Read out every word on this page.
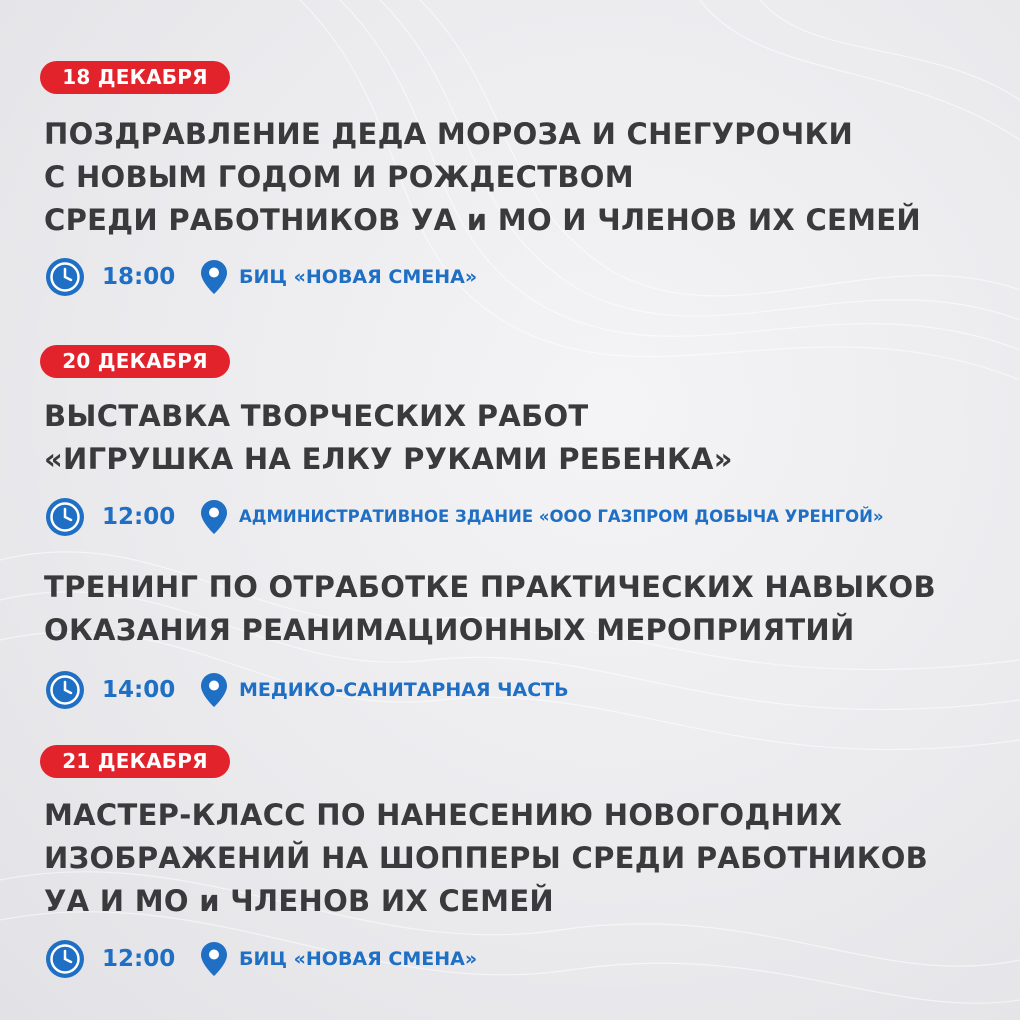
18 ДЕКАБРЯ
ПОЗДРАВЛЕНИЕ ДЕДА МОРОЗА И СНЕГУРОЧКИ
С НОВЫМ ГОДОМ И РОЖДЕСТВОМ
СРЕДИ РАБОТНИКОВ УА и МО И ЧЛЕНОВ ИХ СЕМЕЙ
18:00	БИЦ «НОВАЯ СМЕНА»
20 ДЕКАБРЯ
ВЫСТАВКА ТВОРЧЕСКИХ РАБОТ
«ИГРУШКА НА ЕЛКУ РУКАМИ РЕБЕНКА»
12:00	АДМИНИСТРАТИВНОЕ ЗДАНИЕ «ООО ГАЗПРОМ ДОБЫЧА УРЕНГОЙ»
ТРЕНИНГ ПО ОТРАБОТКЕ ПРАКТИЧЕСКИХ НАВЫКОВ
ОКАЗАНИЯ РЕАНИМАЦИОННЫХ МЕРОПРИЯТИЙ
14:00	МЕДИКО-САНИТАРНАЯ ЧАСТЬ
21 ДЕКАБРЯ
МАСТЕР-КЛАСС ПО НАНЕСЕНИЮ НОВОГОДНИХ
ИЗОБРАЖЕНИЙ НА ШОППЕРЫ СРЕДИ РАБОТНИКОВ
УА И МО и ЧЛЕНОВ ИХ СЕМЕЙ
12:00	БИЦ «НОВАЯ СМЕНА»
